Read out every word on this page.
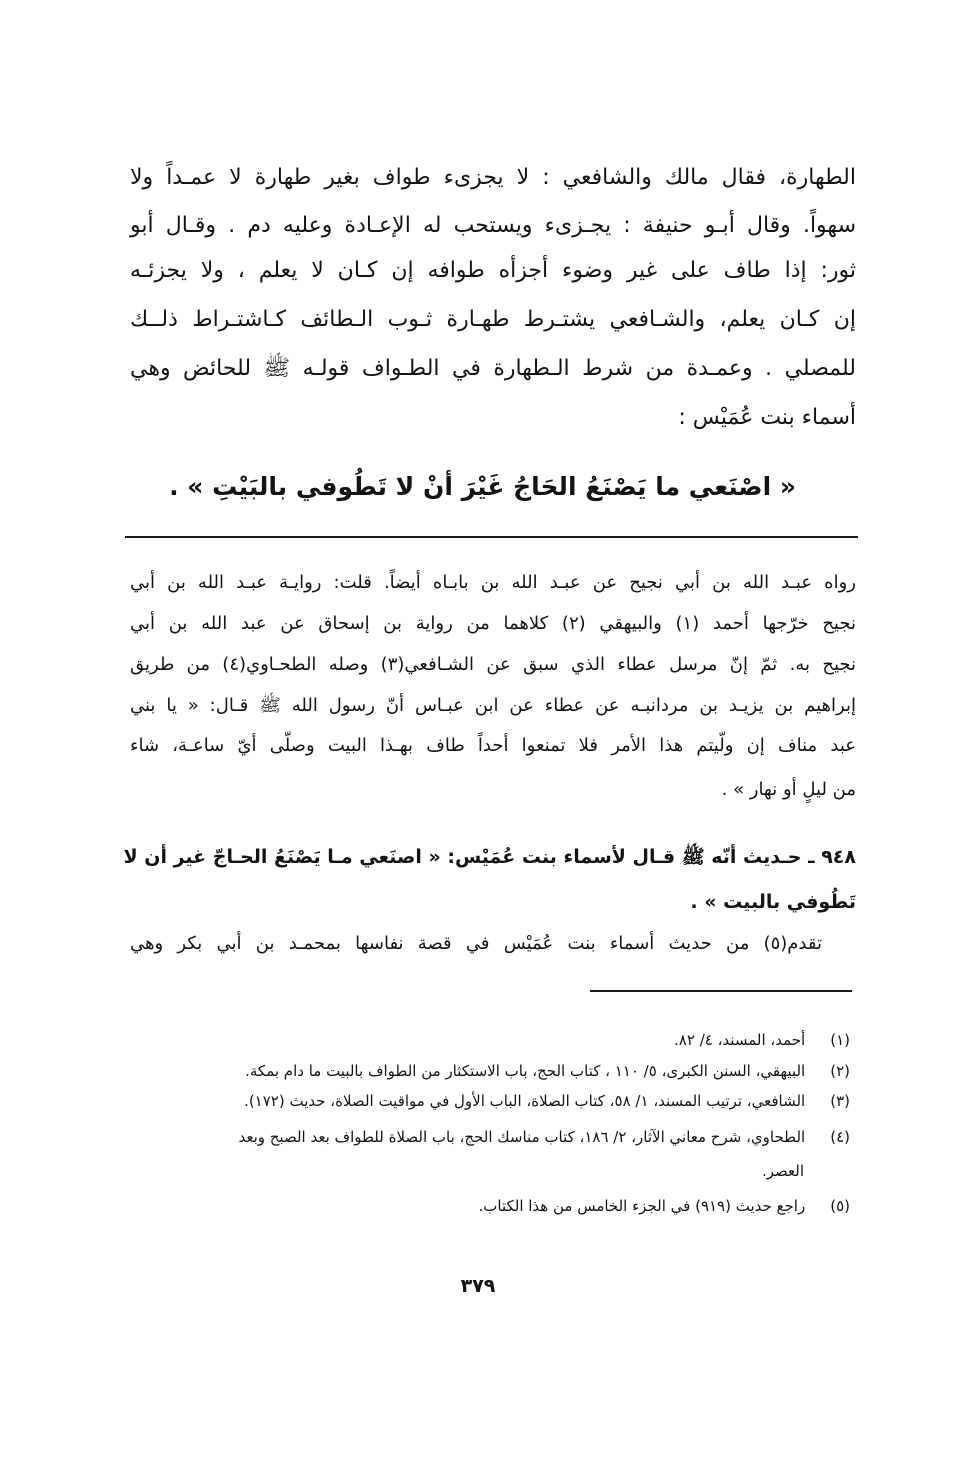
الطهارة، فقال مالك والشافعي : لا يجزىء طواف بغير طهارة لا عمـداً ولا
سهواً. وقال أبـو حنيفة : يجـزىء ويستحب له الإعـادة وعليه دم . وقـال أبو
ثور: إذا طاف على غير وضوء أجزأه طوافه إن كـان لا يعلم ، ولا يجزئـه
إن كـان يعلم، والشـافعي يشتـرط طهـارة ثـوب الـطائف كـاشتـراط ذلــك
للمصلي . وعمـدة من شرط الـطهارة في الطـواف قولـه ﷺ للحائض وهي
أسماء بنت عُمَيْس :
« اصْنَعي ما يَصْنَعُ الحَاجُ غَيْرَ أنْ لا تَطُوفي بالبَيْتِ » .
رواه عبـد الله بن أبي نجيح عن عبـد الله بن بابـاه أيضاً. قلت: روايـة عبـد الله بن أبي
نجيح خرّجها أحمد (١) والبيهقي (٢) كلاهما من رواية بن إسحاق عن عبد الله بن أبي
نجيح به. ثمّ إنّ مرسل عطاء الذي سبق عن الشـافعي(٣) وصله الطحـاوي(٤) من طريق
إبراهيم بن يزيـد بن مردانبـه عن عطاء عن ابن عبـاس أنّ رسول الله ﷺ قـال: « يا بني
عبد مناف إن ولّيتم هذا الأمر فلا تمنعوا أحداً طاف بهـذا البيت وصلّى أيّ ساعـة، شاء
من ليلٍ أو نهار » .
٩٤٨ ـ حـديث أنّه ﷺ قـال لأسماء بنت عُمَيْس: « اصنَعي مـا يَصْنَعُ الحـاجّ غير أن لا
تَطُوفي بالبيت » .
تقدم(٥) من حديث أسماء بنت عُمَيْس في قصة نفاسها بمحمـد بن أبي بكر وهي
(١) أحمد، المسند، ٤/ ٨٢.
(٢) البيهقي، السنن الكبرى، ٥/ ١١٠ ، كتاب الحج، باب الاستكثار من الطواف بالبيت ما دام بمكة.
(٣) الشافعي، ترتيب المسند، ١/ ٥٨، كتاب الصلاة، الباب الأول في مواقيت الصلاة، حديث (١٧٢).
(٤) الطحاوي، شرح معاني الآثار، ٢/ ١٨٦، كتاب مناسك الحج، باب الصلاة للطواف بعد الصبح وبعد
العصر.
(٥) راجع حديث (٩١٩) في الجزء الخامس من هذا الكتاب.
٣٧٩
